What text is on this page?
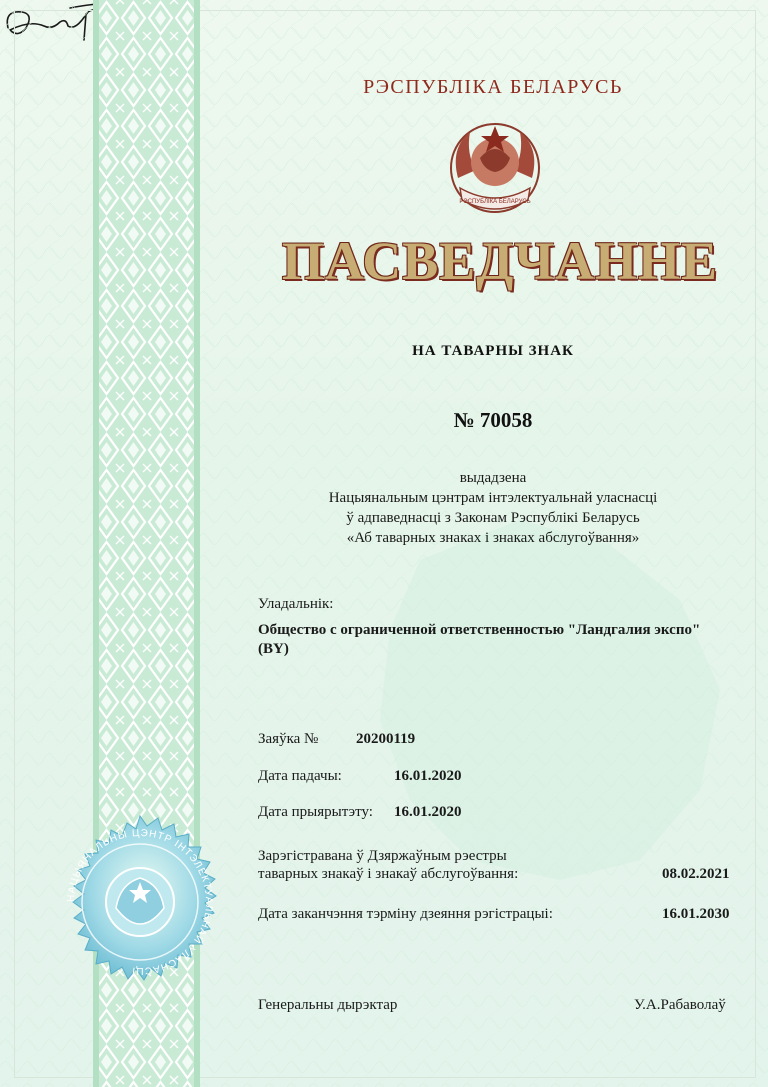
РЭСПУБЛІКА БЕЛАРУСЬ
РЭСПУБЛІКА БЕЛАРУСЬ
ПАСВЕДЧАННЕ
НА ТАВАРНЫ ЗНАК
№ 70058
выдадзена
Нацыянальным цэнтрам інтэлектуальнай уласнасці
ў адпаведнасці з Законам Рэспублікі Беларусь
«Аб таварных знаках і знаках абслугоўвання»
Уладальнік:
Общество с ограниченной ответственностью "Ландгалия экспо"
(BY)
Заяўка №	20200119
Дата падачы:	16.01.2020
Дата прыярытэту: 16.01.2020
Зарэгістравана ў Дзяржаўным рэестры
таварных знакаў і знакаў абслугоўвання:	08.02.2021
Дата заканчэння тэрміну дзеяння рэгістрацыі:	16.01.2030
Генеральны дырэктар	У.А.Рабаволаў
НАЦЫЯНАЛЬНЫ ЦЭНТР ІНТЭЛЕКТУАЛЬНАЙ УЛАСНАСЦІ
